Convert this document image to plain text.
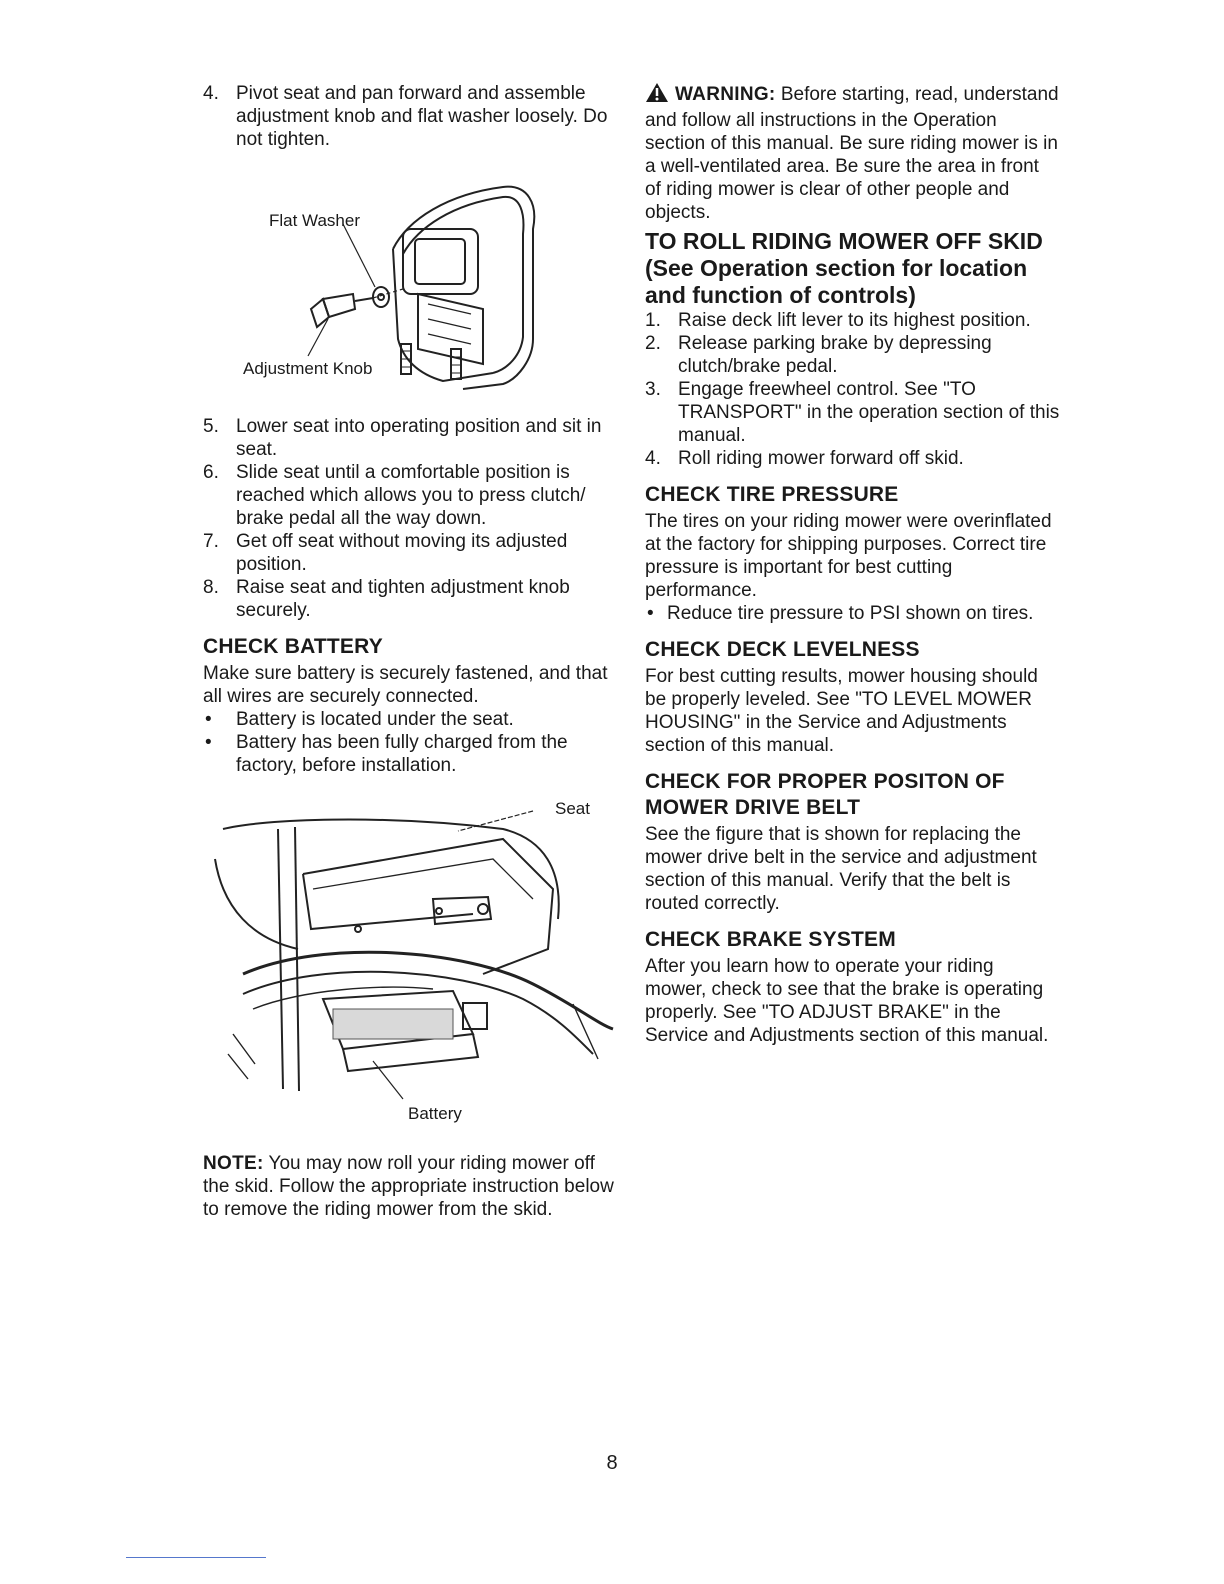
4. Pivot seat and pan forward and assemble adjustment knob and flat washer loosely. Do not tighten.
Flat Washer
Adjustment Knob
5. Lower seat into operating position and sit in seat.
6. Slide seat until a comfortable position is reached which allows you to press clutch/ brake pedal all the way down.
7. Get off seat without moving its adjusted position.
8. Raise seat and tighten adjustment knob securely.
CHECK BATTERY

Make sure battery is securely fastened, and that all wires are securely connected.

• Battery is located under the seat.
• Battery has been fully charged from the factory, before installation.
Seat
Battery

NOTE: You may now roll your riding mower off the skid. Follow the appropriate instruction below to remove the riding mower from the skid.

WARNING: Before starting, read, understand and follow all instructions in the Operation section of this manual. Be sure riding mower is in a well-ventilated area. Be sure the area in front of riding mower is clear of other people and objects.

TO ROLL RIDING MOWER OFF SKID (See Operation section for location and function of controls)
1. Raise deck lift lever to its highest position.
2. Release parking brake by depressing clutch/brake pedal.
3. Engage freewheel control. See "TO TRANSPORT" in the operation section of this manual.
4. Roll riding mower forward off skid.
CHECK TIRE PRESSURE

The tires on your riding mower were overinflated at the factory for shipping purposes. Correct tire pressure is important for best cutting performance.

• Reduce tire pressure to PSI shown on tires.
CHECK DECK LEVELNESS

For best cutting results, mower housing should be properly leveled. See "TO LEVEL MOWER HOUSING" in the Service and Adjustments section of this manual.

CHECK FOR PROPER POSITON OF MOWER DRIVE BELT

See the figure that is shown for replacing the mower drive belt in the service and adjustment section of this manual. Verify that the belt is routed correctly.

CHECK BRAKE SYSTEM

After you learn how to operate your riding mower, check to see that the brake is operating properly. See "TO ADJUST BRAKE" in the Service and Adjustments section of this manual.

8
